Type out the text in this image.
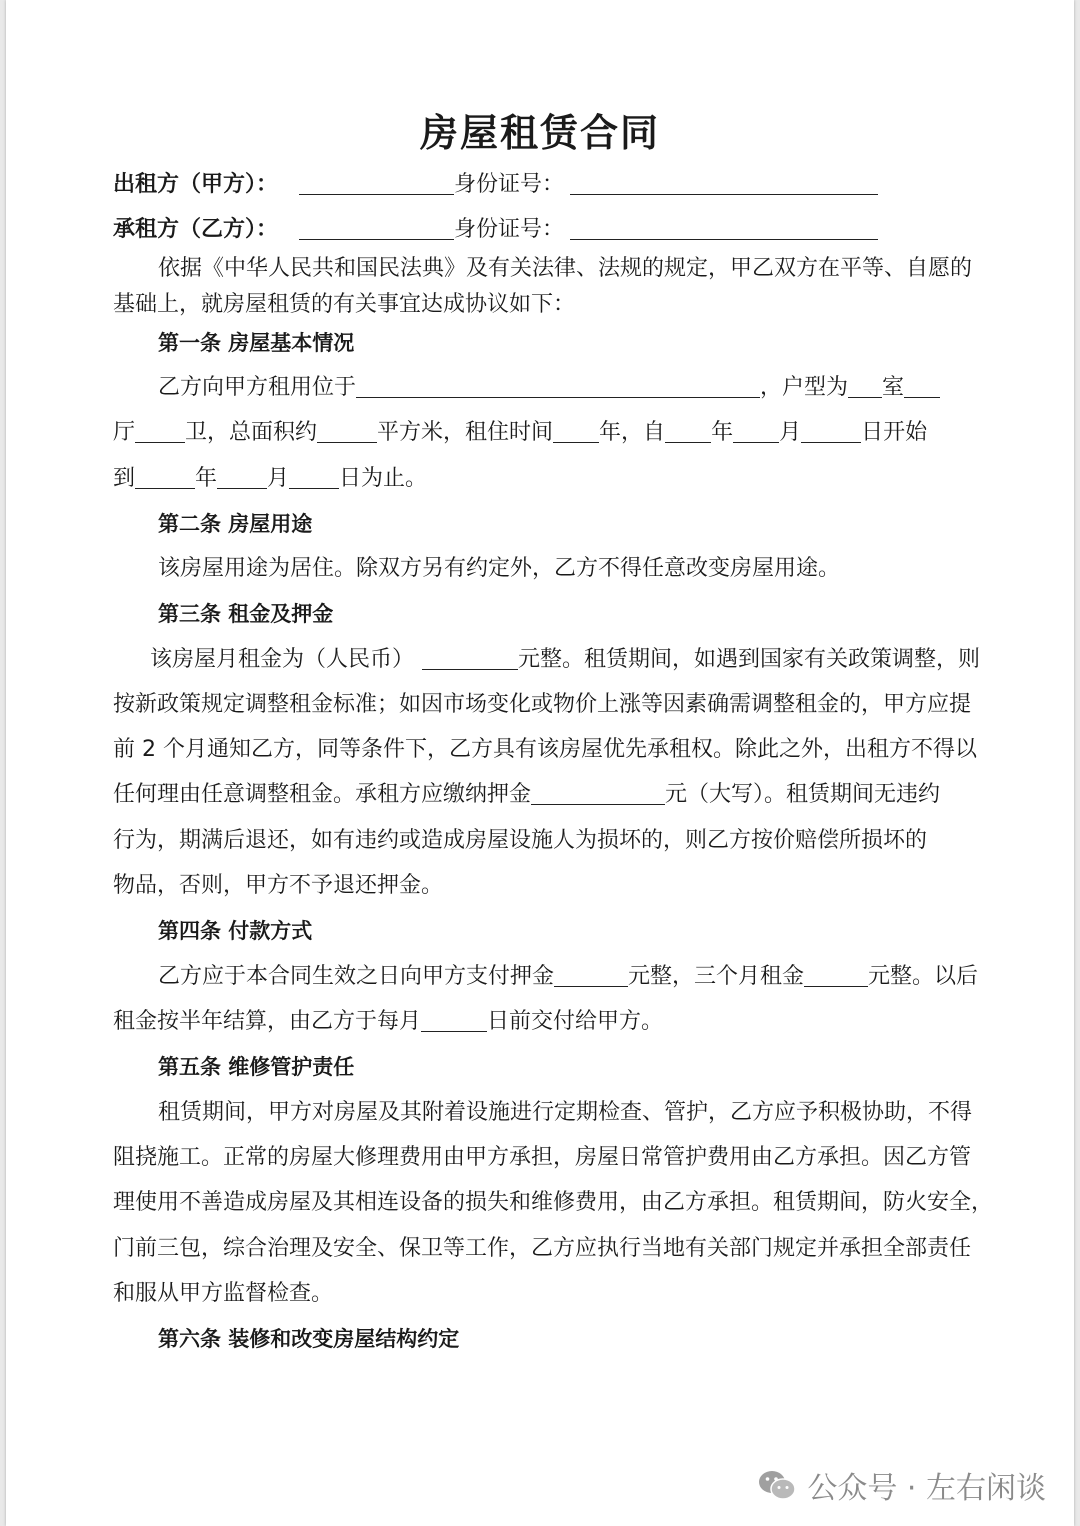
房屋租赁合同
出租方（甲方）：	身份证号：
承租方（乙方）：	身份证号：
依据《中华人民共和国民法典》及有关法律、法规的规定，甲乙双方在平等、自愿的
基础上，就房屋租赁的有关事宜达成协议如下：
第一条 房屋基本情况
乙方向甲方租用位于	，户型为 室
厅 卫，总面积约	平方米，租住时间 年，自 年 月	日开始
到	年 月 日为止。
第二条 房屋用途
该房屋用途为居住。除双方另有约定外，乙方不得任意改变房屋用途。
第三条 租金及押金
该房屋月租金为（人民币）	元整。租赁期间，如遇到国家有关政策调整，则
按新政策规定调整租金标准；如因市场变化或物价上涨等因素确需调整租金的，甲方应提
前 2 个月通知乙方，同等条件下，乙方具有该房屋优先承租权。除此之外，出租方不得以
任何理由任意调整租金。承租方应缴纳押金	元（大写）。租赁期间无违约
行为，期满后退还，如有违约或造成房屋设施人为损坏的，则乙方按价赔偿所损坏的
物品，否则，甲方不予退还押金。
第四条 付款方式
乙方应于本合同生效之日向甲方支付押金	元整，三个月租金	元整。以后
租金按半年结算，由乙方于每月	日前交付给甲方。
第五条 维修管护责任
租赁期间，甲方对房屋及其附着设施进行定期检查、管护，乙方应予积极协助，不得
阻挠施工。正常的房屋大修理费用由甲方承担，房屋日常管护费用由乙方承担。因乙方管
理使用不善造成房屋及其相连设备的损失和维修费用，由乙方承担。租赁期间，防火安全，
门前三包，综合治理及安全、保卫等工作，乙方应执行当地有关部门规定并承担全部责任
和服从甲方监督检查。
第六条 装修和改变房屋结构约定
公众号 · 左右闲谈
